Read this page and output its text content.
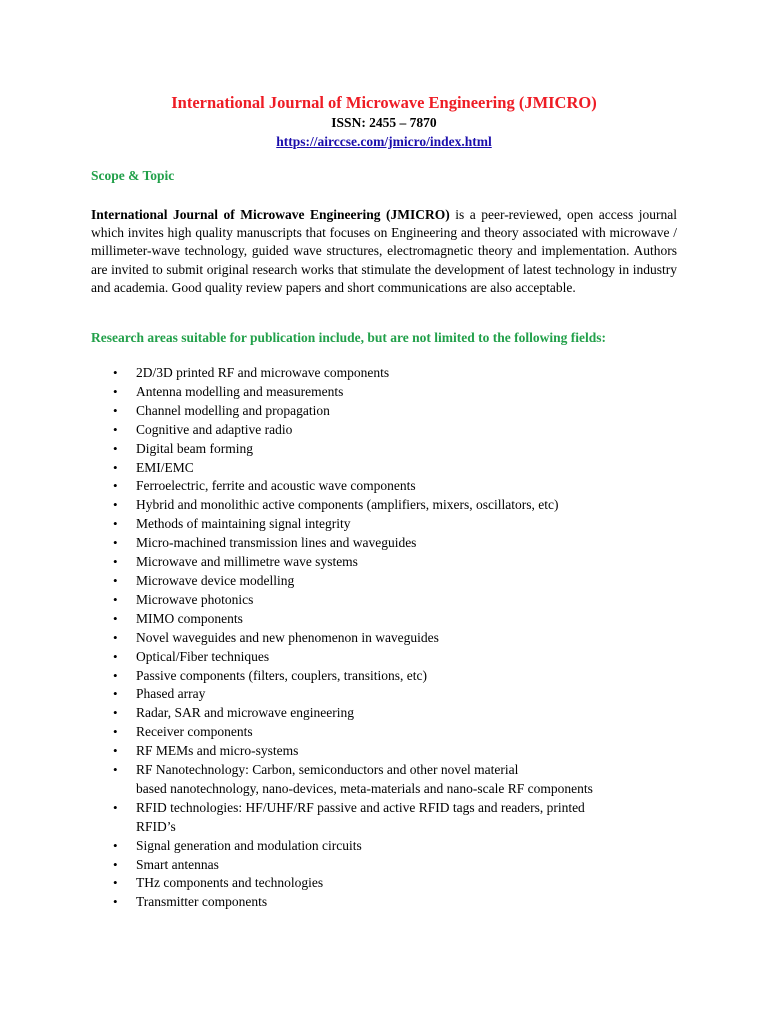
International Journal of Microwave Engineering (JMICRO)
ISSN: 2455 – 7870
https://airccse.com/jmicro/index.html
Scope & Topic
International Journal of Microwave Engineering (JMICRO) is a peer-reviewed, open access journal which invites high quality manuscripts that focuses on Engineering and theory associated with microwave / millimeter-wave technology, guided wave structures, electromagnetic theory and implementation. Authors are invited to submit original research works that stimulate the development of latest technology in industry and academia. Good quality review papers and short communications are also acceptable.
Research areas suitable for publication include, but are not limited to the following fields:
• 2D/3D printed RF and microwave components
• Antenna modelling and measurements
• Channel modelling and propagation
• Cognitive and adaptive radio
• Digital beam forming
• EMI/EMC
• Ferroelectric, ferrite and acoustic wave components
• Hybrid and monolithic active components (amplifiers, mixers, oscillators, etc)
• Methods of maintaining signal integrity
• Micro-machined transmission lines and waveguides
• Microwave and millimetre wave systems
• Microwave device modelling
• Microwave photonics
• MIMO components
• Novel waveguides and new phenomenon in waveguides
• Optical/Fiber techniques
• Passive components (filters, couplers, transitions, etc)
• Phased array
• Radar, SAR and microwave engineering
• Receiver components
• RF MEMs and micro-systems
• RF Nanotechnology: Carbon, semiconductors and other novel material
based nanotechnology, nano-devices, meta-materials and nano-scale RF components
• RFID technologies: HF/UHF/RF passive and active RFID tags and readers, printed
RFID’s
• Signal generation and modulation circuits
• Smart antennas
• THz components and technologies
• Transmitter components
